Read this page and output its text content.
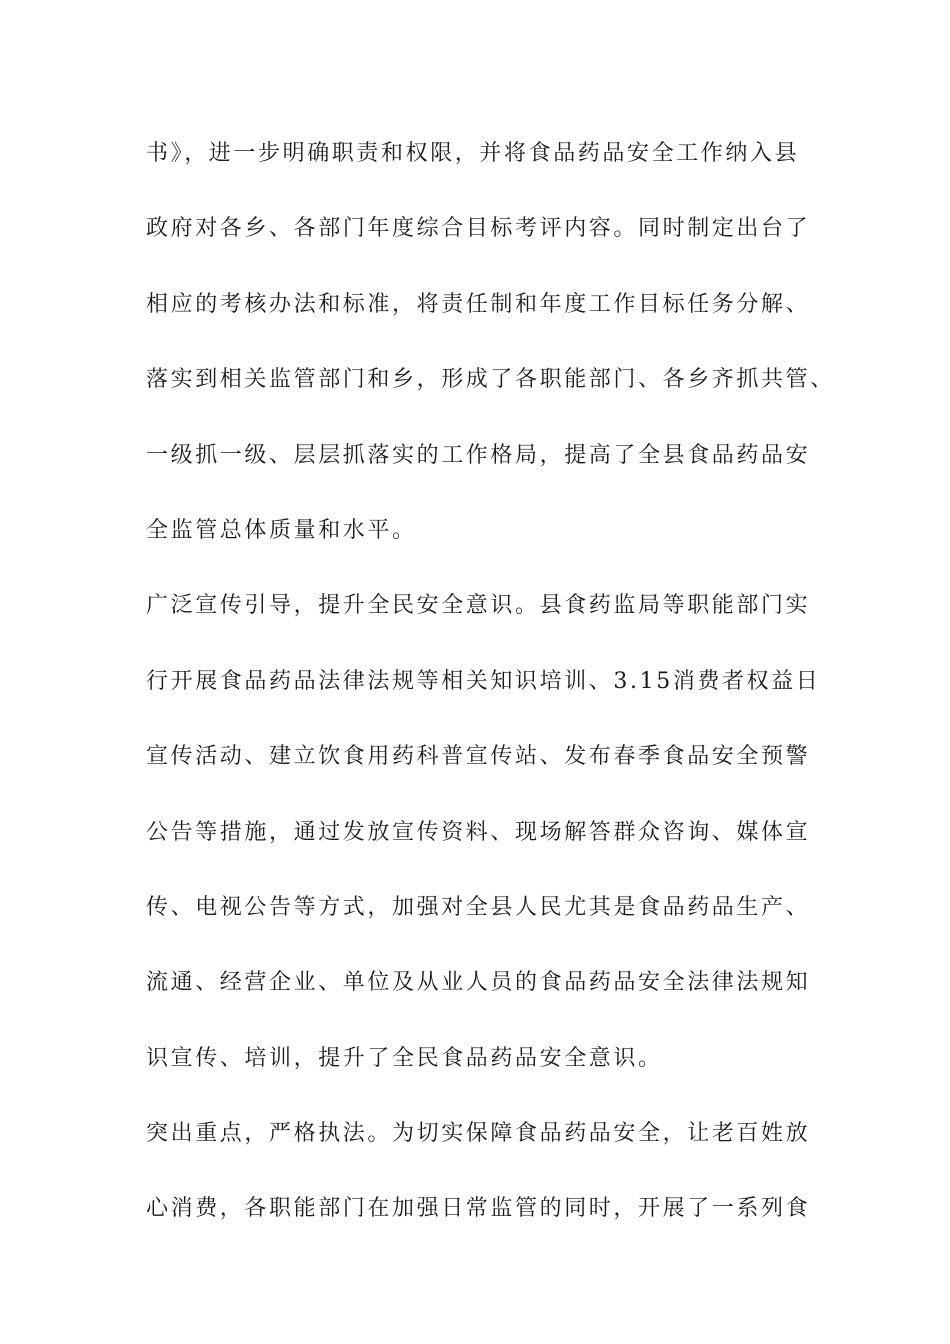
书》，进一步明确职责和权限，并将食品药品安全工作纳入县
政府对各乡、各部门年度综合目标考评内容。同时制定出台了
相应的考核办法和标准，将责任制和年度工作目标任务分解、
落实到相关监管部门和乡，形成了各职能部门、各乡齐抓共管、
一级抓一级、层层抓落实的工作格局，提高了全县食品药品安
全监管总体质量和水平。
广泛宣传引导，提升全民安全意识。县食药监局等职能部门实
行开展食品药品法律法规等相关知识培训、3.15消费者权益日
宣传活动、建立饮食用药科普宣传站、发布春季食品安全预警
公告等措施，通过发放宣传资料、现场解答群众咨询、媒体宣
传、电视公告等方式，加强对全县人民尤其是食品药品生产、
流通、经营企业、单位及从业人员的食品药品安全法律法规知
识宣传、培训，提升了全民食品药品安全意识。
突出重点，严格执法。为切实保障食品药品安全，让老百姓放
心消费，各职能部门在加强日常监管的同时，开展了一系列食
